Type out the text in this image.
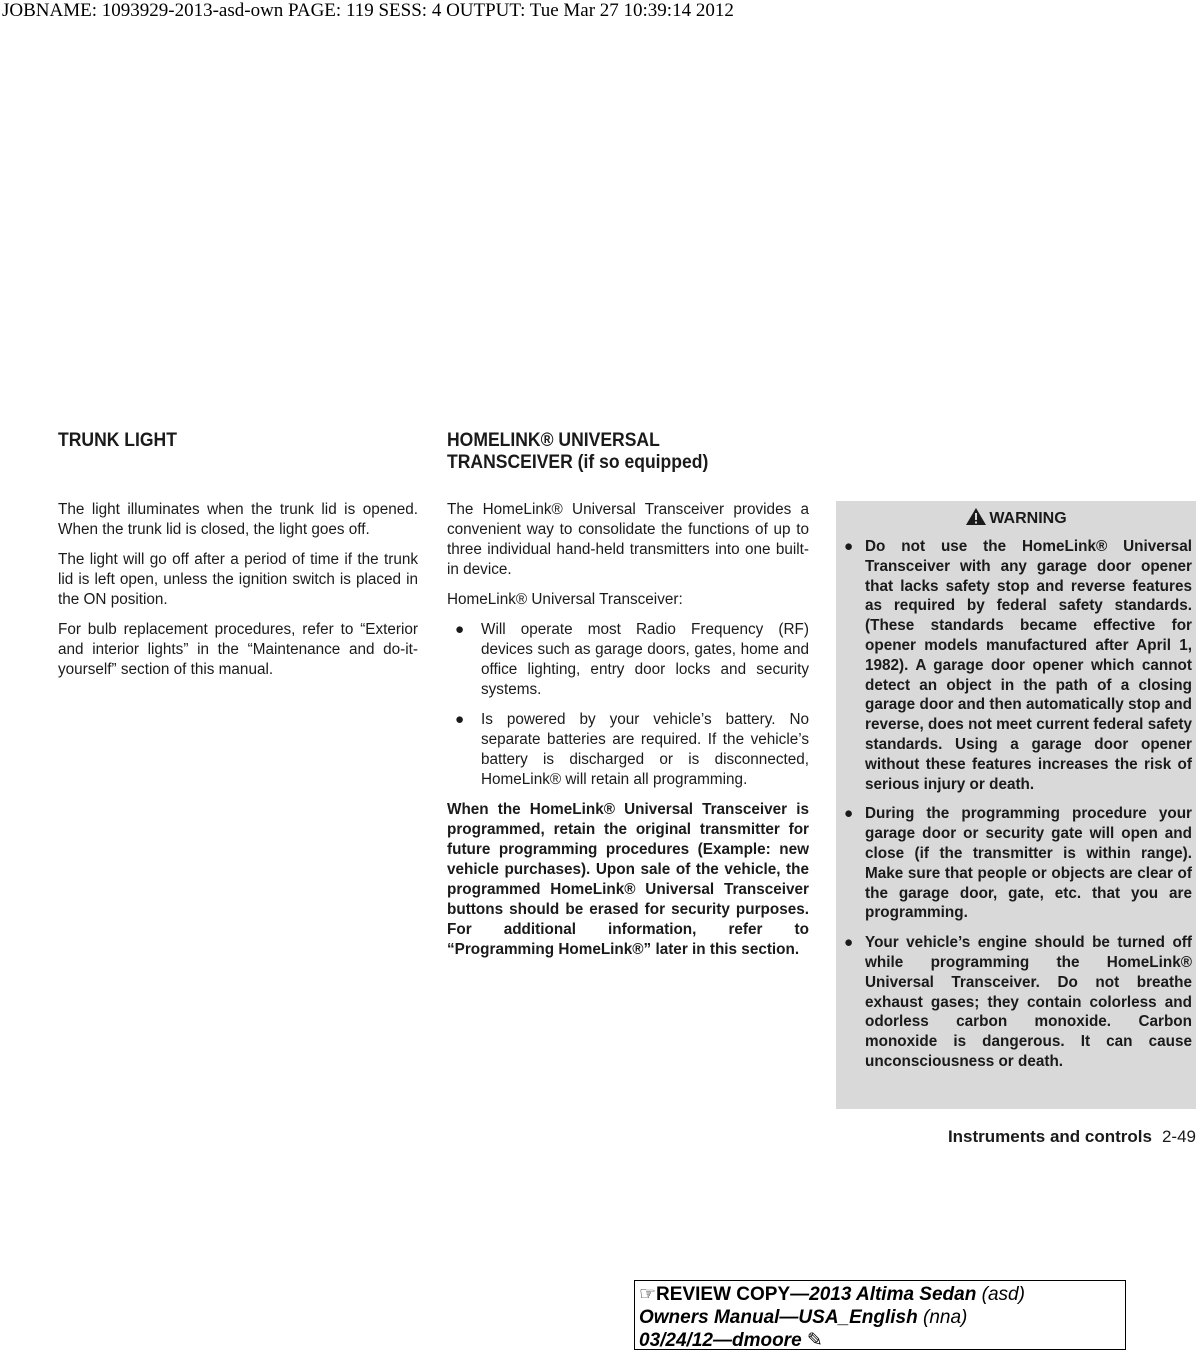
JOBNAME: 1093929-2013-asd-own PAGE: 119 SESS: 4 OUTPUT: Tue Mar 27 10:39:14 2012
TRUNK LIGHT

The light illuminates when the trunk lid is opened. When the trunk lid is closed, the light goes off.

The light will go off after a period of time if the trunk lid is left open, unless the ignition switch is placed in the ON position.

For bulb replacement procedures, refer to “Exterior and interior lights” in the “Maintenance and do-it-yourself” section of this manual.

HOMELINK® UNIVERSAL
TRANSCEIVER (if so equipped)

The HomeLink® Universal Transceiver provides a convenient way to consolidate the functions of up to three individual hand-held transmitters into one built-in device.

HomeLink® Universal Transceiver:

● Will operate most Radio Frequency (RF) devices such as garage doors, gates, home and office lighting, entry door locks and security systems.
● Is powered by your vehicle’s battery. No separate batteries are required. If the vehicle’s battery is discharged or is disconnected, HomeLink® will retain all programming.

When the HomeLink® Universal Transceiver is programmed, retain the original transmitter for future programming procedures (Example: new vehicle purchases). Upon sale of the vehicle, the programmed HomeLink® Universal Transceiver buttons should be erased for security purposes. For additional information, refer to “Programming HomeLink®” later in this section.

WARNING
● Do not use the HomeLink® Universal Transceiver with any garage door opener that lacks safety stop and reverse features as required by federal safety standards. (These standards became effective for opener models manufactured after April 1, 1982). A garage door opener which cannot detect an object in the path of a closing garage door and then automatically stop and reverse, does not meet current federal safety standards. Using a garage door opener without these features increases the risk of serious injury or death.
● During the programming procedure your garage door or security gate will open and close (if the transmitter is within range). Make sure that people or objects are clear of the garage door, gate, etc. that you are programming.
● Your vehicle’s engine should be turned off while programming the HomeLink® Universal Transceiver. Do not breathe exhaust gases; they contain colorless and odorless carbon monoxide. Carbon monoxide is dangerous. It can cause unconsciousness or death.
Instruments and controls 2-49
☞REVIEW COPY—2013 Altima Sedan (asd)
Owners Manual—USA_English (nna)
03/24/12—dmoore ✎
